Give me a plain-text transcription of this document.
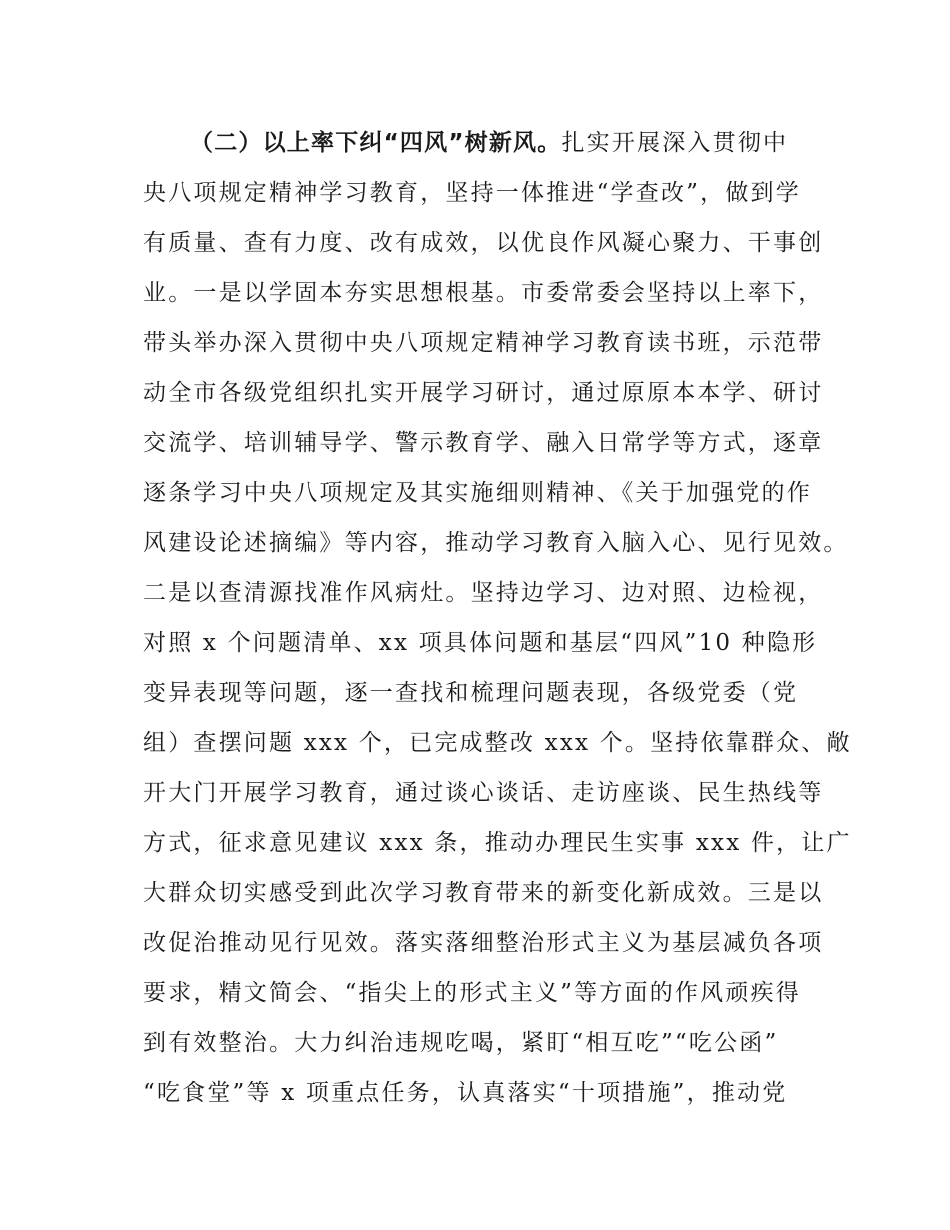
（二）以上率下纠“四风”树新风。扎实开展深入贯彻中
央八项规定精神学习教育，坚持一体推进“学查改”，做到学
有质量、查有力度、改有成效，以优良作风凝心聚力、干事创
业。一是以学固本夯实思想根基。市委常委会坚持以上率下，
带头举办深入贯彻中央八项规定精神学习教育读书班，示范带
动全市各级党组织扎实开展学习研讨，通过原原本本学、研讨
交流学、培训辅导学、警示教育学、融入日常学等方式，逐章
逐条学习中央八项规定及其实施细则精神、《关于加强党的作
风建设论述摘编》等内容，推动学习教育入脑入心、见行见效。
二是以查清源找准作风病灶。坚持边学习、边对照、边检视，
对照 x 个问题清单、xx 项具体问题和基层“四风”10 种隐形
变异表现等问题，逐一查找和梳理问题表现，各级党委（党
组）查摆问题 xxx 个，已完成整改 xxx 个。坚持依靠群众、敞
开大门开展学习教育，通过谈心谈话、走访座谈、民生热线等
方式，征求意见建议 xxx 条，推动办理民生实事 xxx 件，让广
大群众切实感受到此次学习教育带来的新变化新成效。三是以
改促治推动见行见效。落实落细整治形式主义为基层减负各项
要求，精文简会、“指尖上的形式主义”等方面的作风顽疾得
到有效整治。大力纠治违规吃喝，紧盯“相互吃”“吃公函”
“吃食堂”等 x 项重点任务，认真落实“十项措施”，推动党
